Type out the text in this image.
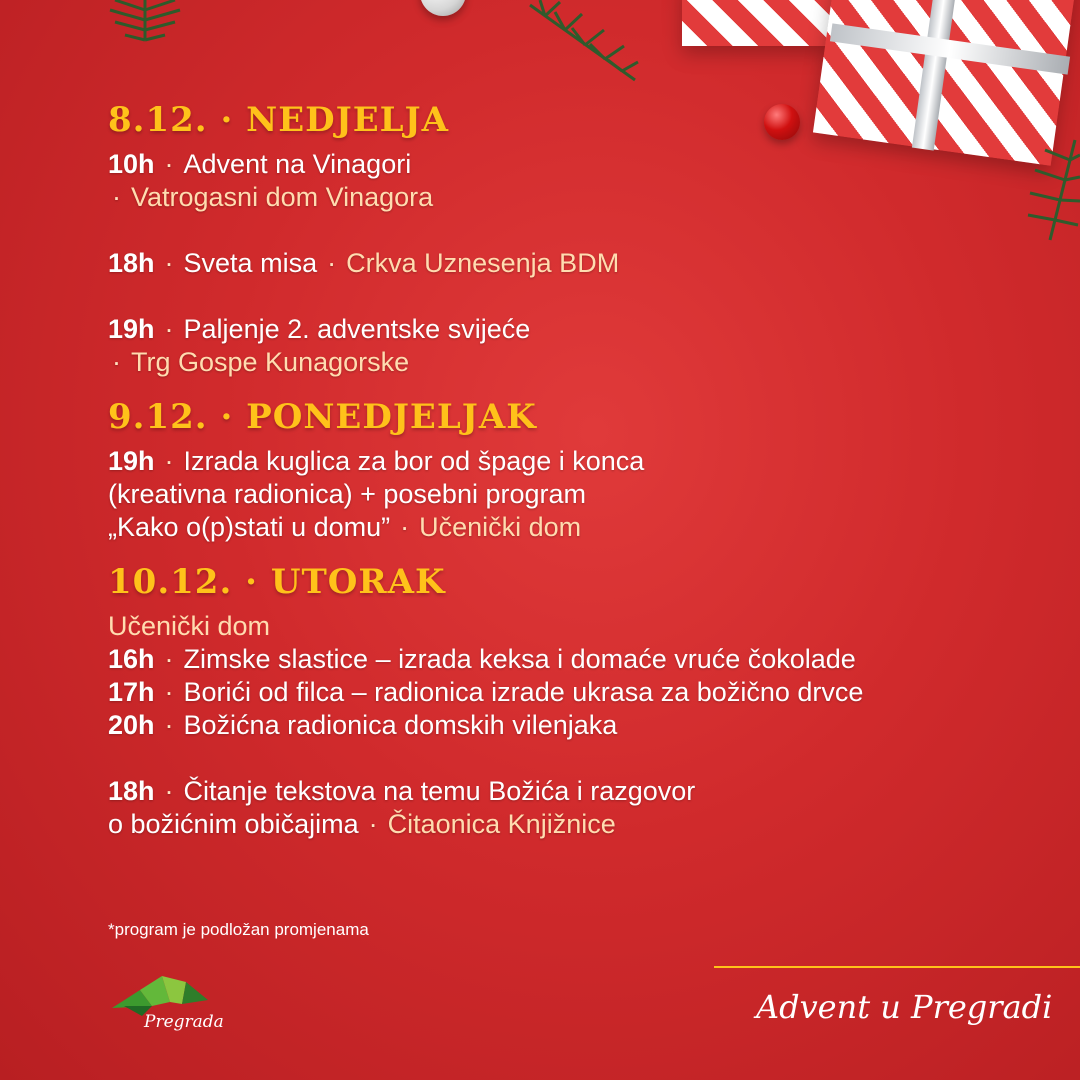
8.12. · NEDJELJA
10h · Advent na Vinagori
· Vatrogasni dom Vinagora
18h · Sveta misa · Crkva Uznesenja BDM
19h · Paljenje 2. adventske svijeće
· Trg Gospe Kunagorske
9.12. · PONEDJELJAK
19h · Izrada kuglica za bor od špage i konca
(kreativna radionica) + posebni program
„Kako o(p)stati u domu” · Učenički dom
10.12. · UTORAK
Učenički dom
16h · Zimske slastice – izrada keksa i domaće vruće čokolade
17h · Borići od filca – radionica izrade ukrasa za božično drvce
20h · Božićna radionica domskih vilenjaka
18h · Čitanje tekstova na temu Božića i razgovor
o božićnim običajima · Čitaonica Knjižnice
*program je podložan promjenama
Advent u Pregradi
Pregrada
